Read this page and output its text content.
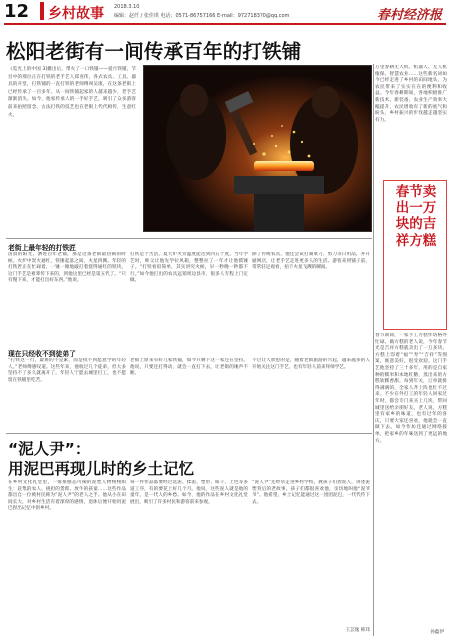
12 乡村故事 2018.3.10
编辑：赵仟 / 张佳琪 电话：0571-86757166 E-mail：9727183?0@qq.com	春村经济报
松阳老街有一间传承百年的打铁铺
《览光上的中国 3]播出后，带火了一口铁铺——爱月铁铺，节目中的那位正在打铁的老手艺人郑亚伟，各式农具、工具、器具的开堂，打铁铺的一直打铁的老师傅叫吴康，在这条老街上已经传承了一百多年。从一间铁铺起家的人越来越少，老手艺渐渐消失。如今，他家传承人的一手好手艺，吸引了众多游客前来拍照留念。古法打铁的技艺也在老街上代代相传，生意红火。
万里春耕无人机、机器人、无人机植保、智慧农业……这些新名词如今已经走进了乡村的田间地头，为农民带来了实实在在的便利和收益。今年春耕期间，各地积极推广新技术、新装备，农业生产效率大幅提升，农民增收有了新的底气和盼头，乡村振兴的步伐越走越坚实有力。
春节卖出一万块的吉祥方糕
春节期间，一家手工方糕作坊格外忙碌。做方糕的老人说，今年春节光是吉祥方糕就卖出了一万多块。方糕上印着“福”“寿”“吉祥”等图案，寓意美好，很受欢迎。这门手艺他坚持了三十多年，用的是自家种的糯米和本地红糖，蒸出来的方糕软糯香甜。每到年关，订单就排得满满的，全家人齐上阵也忙不过来。不少在外打工的年轻人回家过年时，都会专门来买上几块，带回城里送给亲朋好友。老人说，方糕里有家乡的味道，也有过年的喜庆，只要大家还喜欢，他就会一直做下去。如今作坊还通过网络接单，把家乡的年味送到了更远的地方。
孙蕴伊
老街上最年轻的打铁匠
清晨的阳光，洒进百年老铺，那是这条老街最热闹的时候。火炉中炭火通红，铁锤起落之间，火星四溅。年轻的打铁匠正在忙碌着，一锤一锤地敲打着烧得通红的铁块。这门手艺是祖辈传下来的，到他这里已经是第五代了。“只有慢下来，才能打出好东西。”他说。
打铁是个苦活，夏天炉火旁温度能达到四五十度。当年学艺时，师父让他先学拉风箱，整整拉了一年才让他摸锤子。“打铁看似简单，其实讲究火候，早一秒晚一秒都不行。”如今他打出的农具远销周边县市，很多人专程上门定做。
除了传统农具，他还尝试打制菜刀、剪刀等日用品，并开通网店，让老手艺走进更多人的生活。游客来到铺子前，常常驻足观看，拍下火星飞溅的瞬间。
现在只经收不到徒弟了
“打铁这一行，最难的不是累，而是找不到愿意学的年轻人。”老师傅感叹道。这些年来，他收过几个徒弟，但大多坚持不了多久就离开了。年轻人宁愿去城里打工，也不愿留在铁铺里吃苦。
老街上原来有好几家铁铺，如今只剩下这一家还在坚持。他说，只要还打得动，就会一直打下去，让老街的锤声不断。
不过让人欣慰的是，随着老街旅游的兴起，越来越多的人开始关注这门手艺，也有年轻人前来拜师学艺。
“泥人尹”：
用泥巴再现儿时的乡土记忆
在乡村文化礼堂里，一排排憨态可掬的泥塑人物栩栩如生：赶集的农人、挑担的货郎、放牛的孩童……这些作品都出自一位被村民称为“泥人尹”的老人之手。他从小在田间长大，对乡村生活有着深厚的感情，退休后便开始用泥巴捏出记忆中的乡村。
每一件作品都要经过选泥、揉泥、塑形、晾干、上色等多道工序，有的要花上好几个月。他说，这些泥人就是他的童年，是一代人的乡愁。如今，他的作品在乡村文化礼堂展出，吸引了许多村民和游客前来参观。
“泥人尹”还经常走进乡村学校，教孩子们捏泥人，讲述泥塑背后的老故事。孩子们都很喜欢他，亲切地叫他“泥爷爷”。他希望，乡土记忆能通过这一团团泥巴，一代代传下去。
王芸逸 韩玮
